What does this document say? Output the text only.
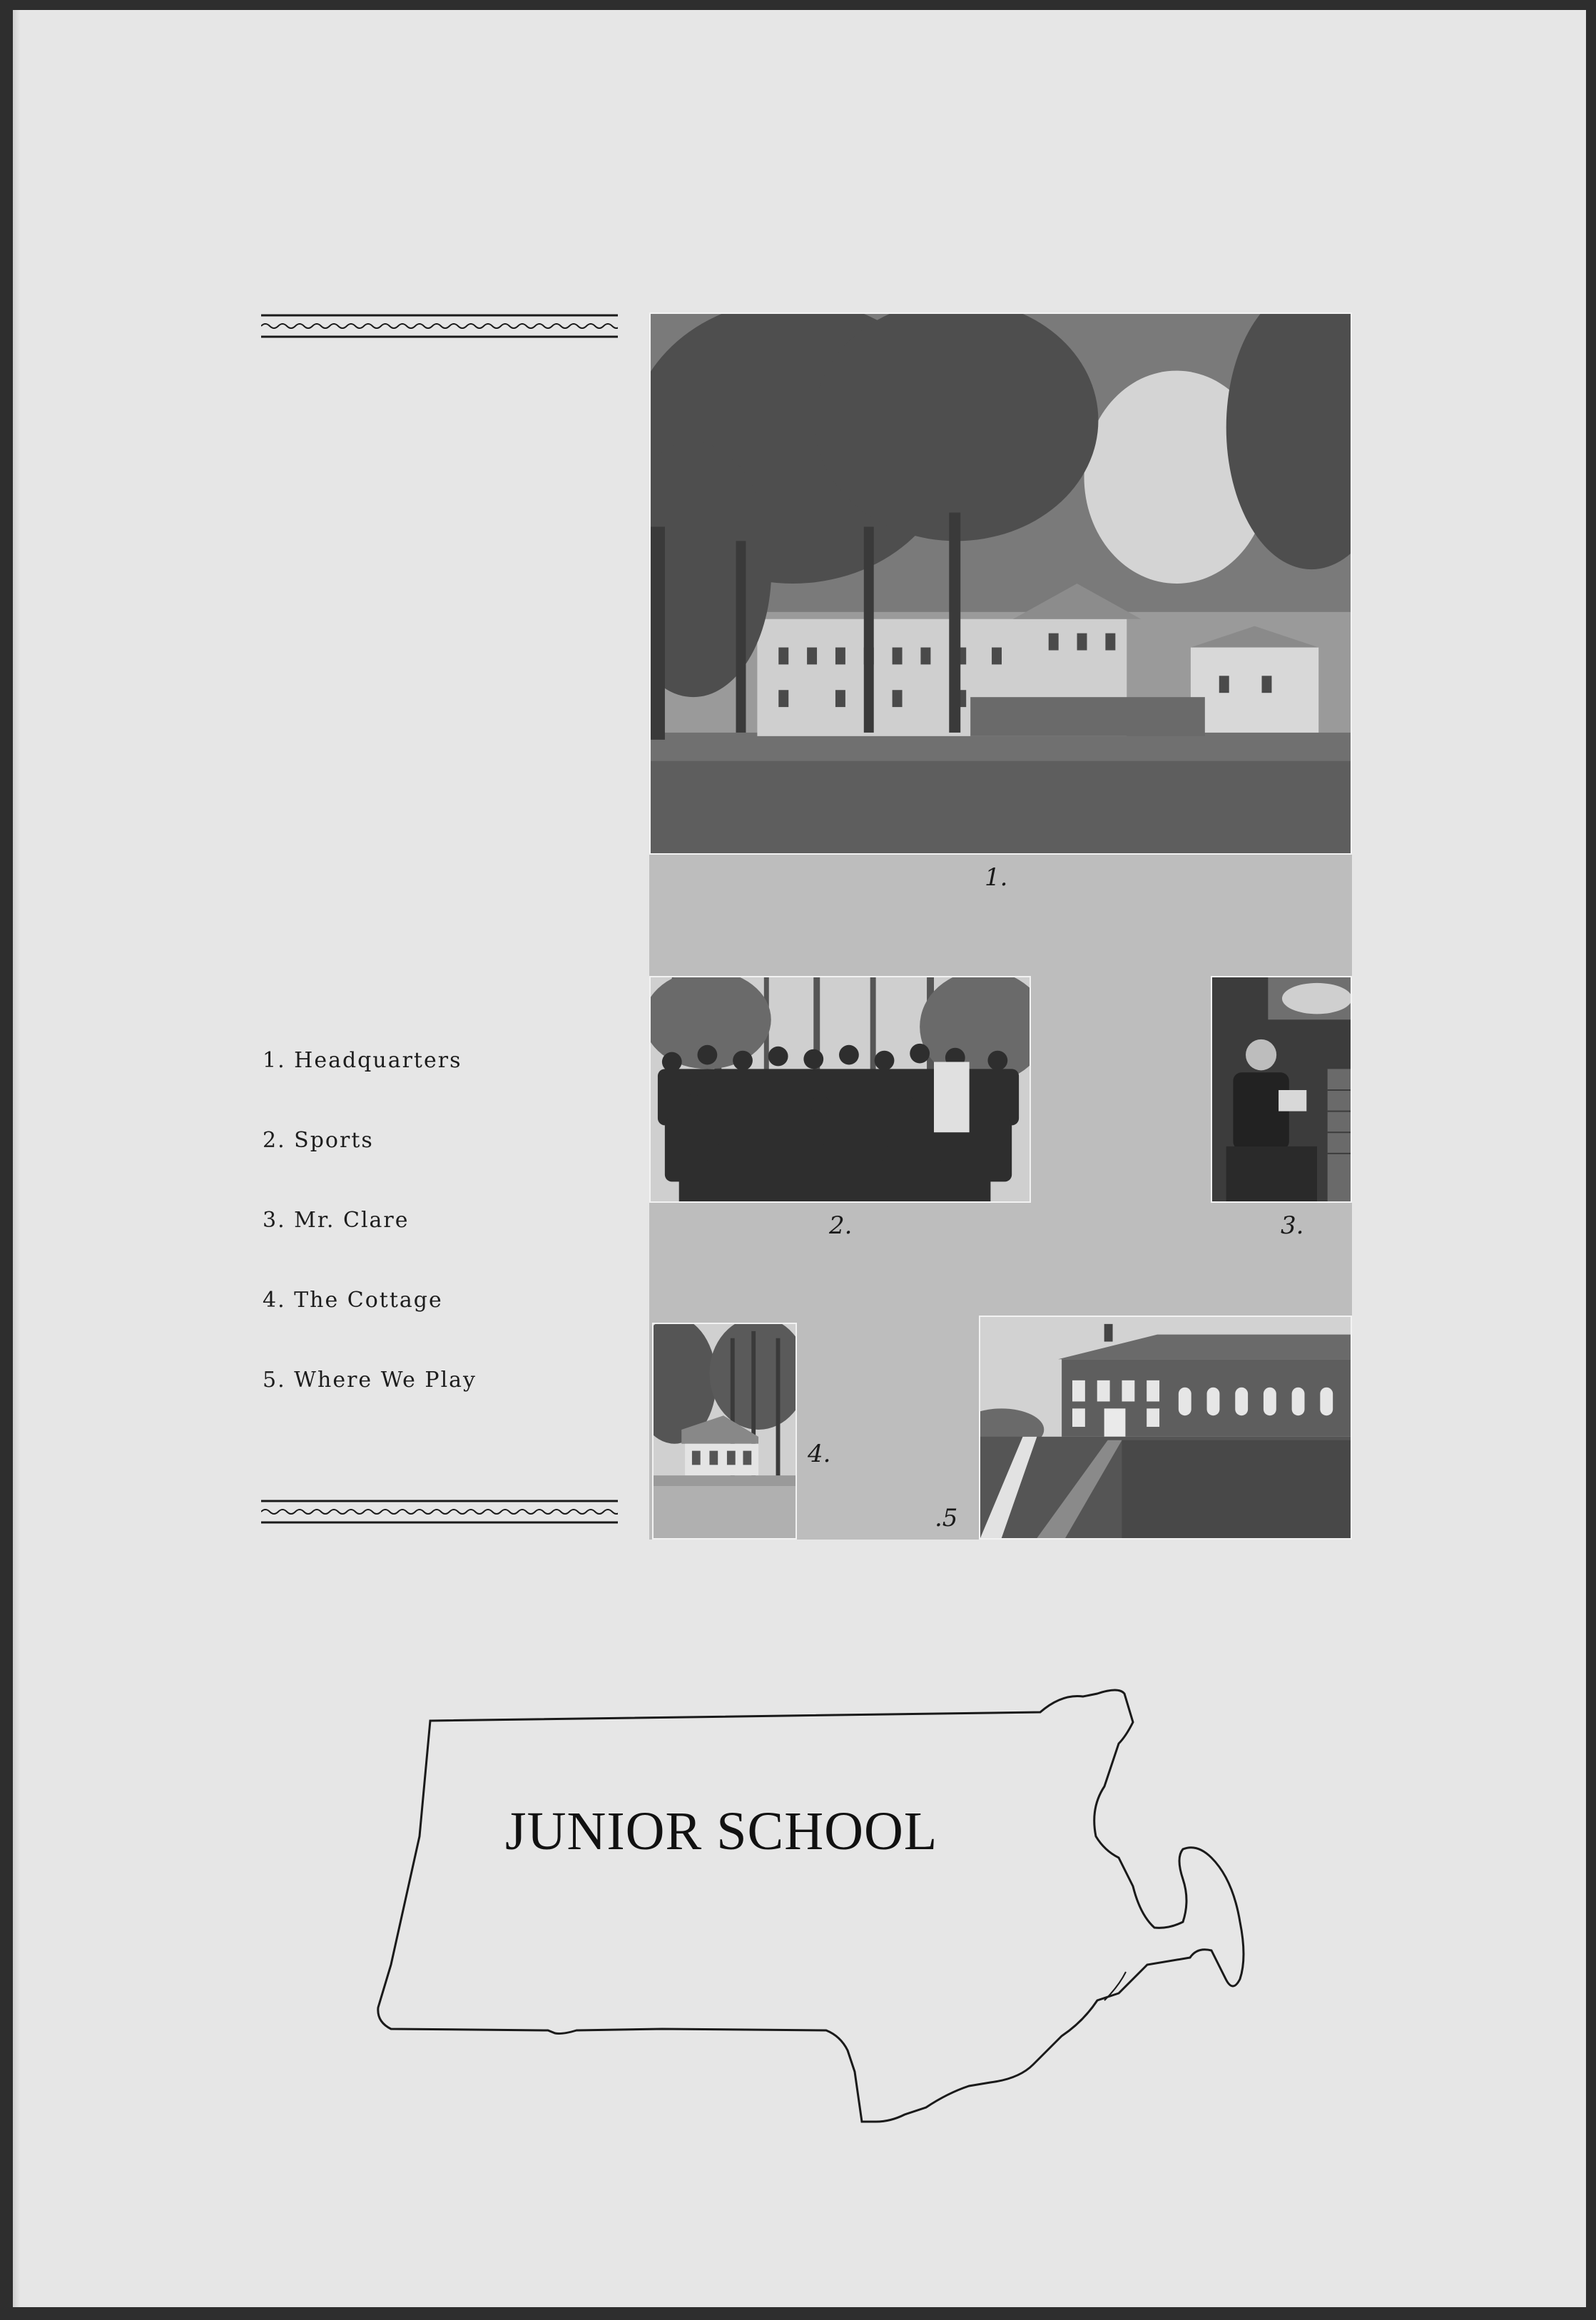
1. Headquarters
2. Sports
3. Mr. Clare
4. The Cottage
5. Where We Play
1.
2.	3.
4.
.5
JUNIOR SCHOOL
